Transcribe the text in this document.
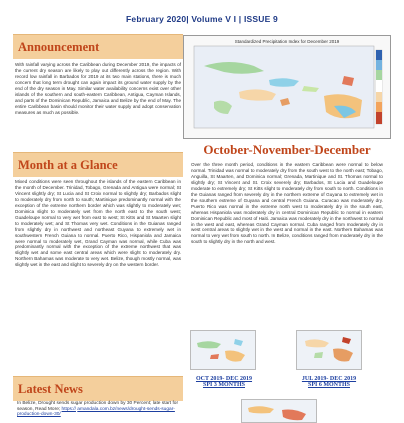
February 2020| Volume V I | ISSUE 9
Announcement
With rainfall varying across the Caribbean during December 2019, the impacts of the current dry season are likely to play out differently across the region. With record low rainfall in Barbados for 2019 at its two main stations, there is much concern that long term drought can again impact its ground water supply by the end of the dry season in May. Similar water availability concerns exist over other islands of the southern and south-eastern Caribbean, Antigua, Cayman Islands, and parts of the Dominican Republic, Jamaica and Belize by the end of May. The entire Caribbean basin should monitor their water supply and adopt conservation measures as much as possible.
Month at a Glance
Mixed conditions were seen throughout the islands of the eastern Caribbean in the month of December. Trinidad, Tobago, Grenada and Antigua were normal; St Vincent slightly dry; St Lucia and St Croix normal to slightly dry; Barbados slight to moderately dry from north to south; Martinique predominantly normal with the exception of the extreme northern border which was slightly to moderately wet; Dominica slight to moderately wet from the north east to the south west; Guadeloupe normal to very wet from east to west; St Kitts and St Maarten slight to moderately wet; and St Thomas very wet. Conditions in the Guianas ranged from slightly dry in northwest and northeast Guyana to extremely wet in southwestern French Guiana to normal. Puerto Rico, Hispaniola and Jamaica were normal to moderately wet, Grand Cayman was normal, while Cuba was predominantly normal with the exception of the extreme northwest that was slightly wet and some east central areas which were slight to moderately dry. Northern Bahamas was moderate to very wet. Belize, though mostly normal, was slightly wet in the east and slight to severely dry on the western border.
Latest News
In Belize, Drought sends sugar production down by 30 Percent; late start for season, Read More; https:// amandala.com.bz/news/drought-sends-sugar-production-down-30/
Standardized Precipitation Index for December 2019
October-November-December
Over the three month period, conditions in the eastern Caribbean were normal to below normal. Trinidad was normal to moderately dry from the south west to the north east; Tobago, Anguilla, St Maarten, and Dominica normal; Grenada, Martinique and St. Thomas normal to slightly dry; St Vincent and St. Croix severely dry; Barbados, St Lucia and Guadeloupe moderate to extremely dry; St Kitts slight to moderately dry from south to north. Conditions in the Guianas ranged from severely dry in the northern extreme of Guyana to extremely wet in the southern extreme of Guyana and central French Guiana. Curacao was moderately dry. Puerto Rico was normal in the extreme north west to moderately dry in the south east, whereas Hispaniola was moderately dry in central Dominican Republic to normal in eastern Dominican Republic and most of Haiti. Jamaica was moderately dry in the northwest to normal in the west and east, whereas Grand Cayman normal. Cuba ranged from moderately dry in west central areas to slightly wet in the west and normal in the east. Northern Bahamas was normal to very wet from south to north. In Belize, conditions ranged from moderately dry in the south to slightly dry in the north and west.
OCT 2019- DEC 2019
SPI 3 MONTHS
JUL 2019- DEC 2019
SPI 6 MONTHS
